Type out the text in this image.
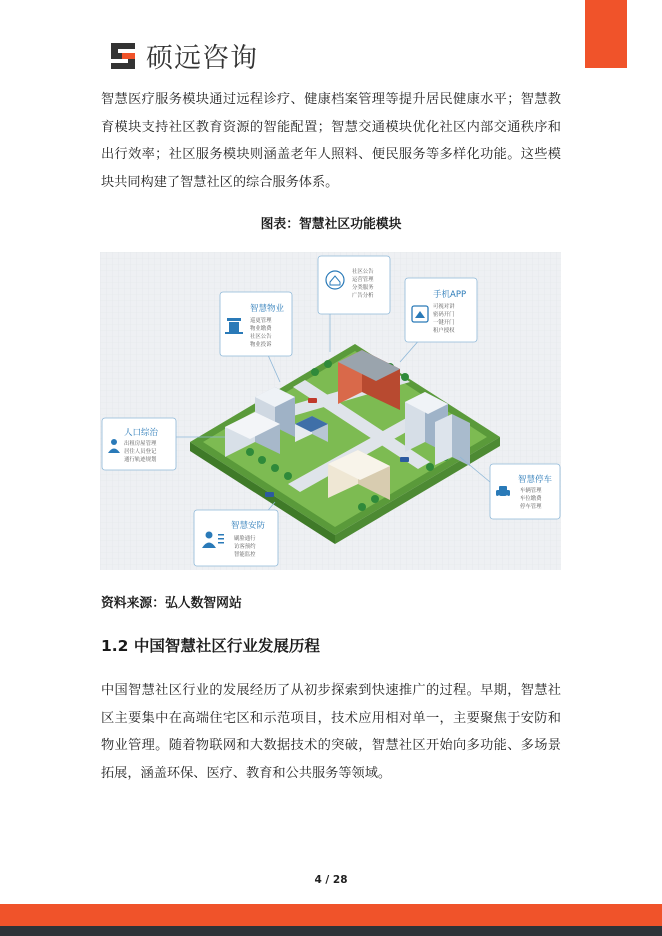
硕远咨询

智慧医疗服务模块通过远程诊疗、健康档案管理等提升居民健康水平；智慧教育模块支持社区教育资源的智能配置；智慧交通模块优化社区内部交通秩序和出行效率；社区服务模块则涵盖老年人照料、便民服务等多样化功能。这些模块共同构建了智慧社区的综合服务体系。

图表：智慧社区功能模块
社区公告
运营管理
分类服务
广告分析
智慧物业
巡更管理
物业缴费
社区公告
物业投诉
手机APP
可视对讲
密码开门
一键开门
租户授权
人口综治
出租房屋管理
居住人员登记
通行轨迹规划
智慧停车
车辆管理
车位缴费
停车管理
智慧安防
刷脸通行
访客预约
智能监控
资料来源：弘人数智网站
1.2 中国智慧社区行业发展历程

中国智慧社区行业的发展经历了从初步探索到快速推广的过程。早期，智慧社区主要集中在高端住宅区和示范项目，技术应用相对单一，主要聚焦于安防和物业管理。随着物联网和大数据技术的突破，智慧社区开始向多功能、多场景拓展，涵盖环保、医疗、教育和公共服务等领域。

4 / 28
